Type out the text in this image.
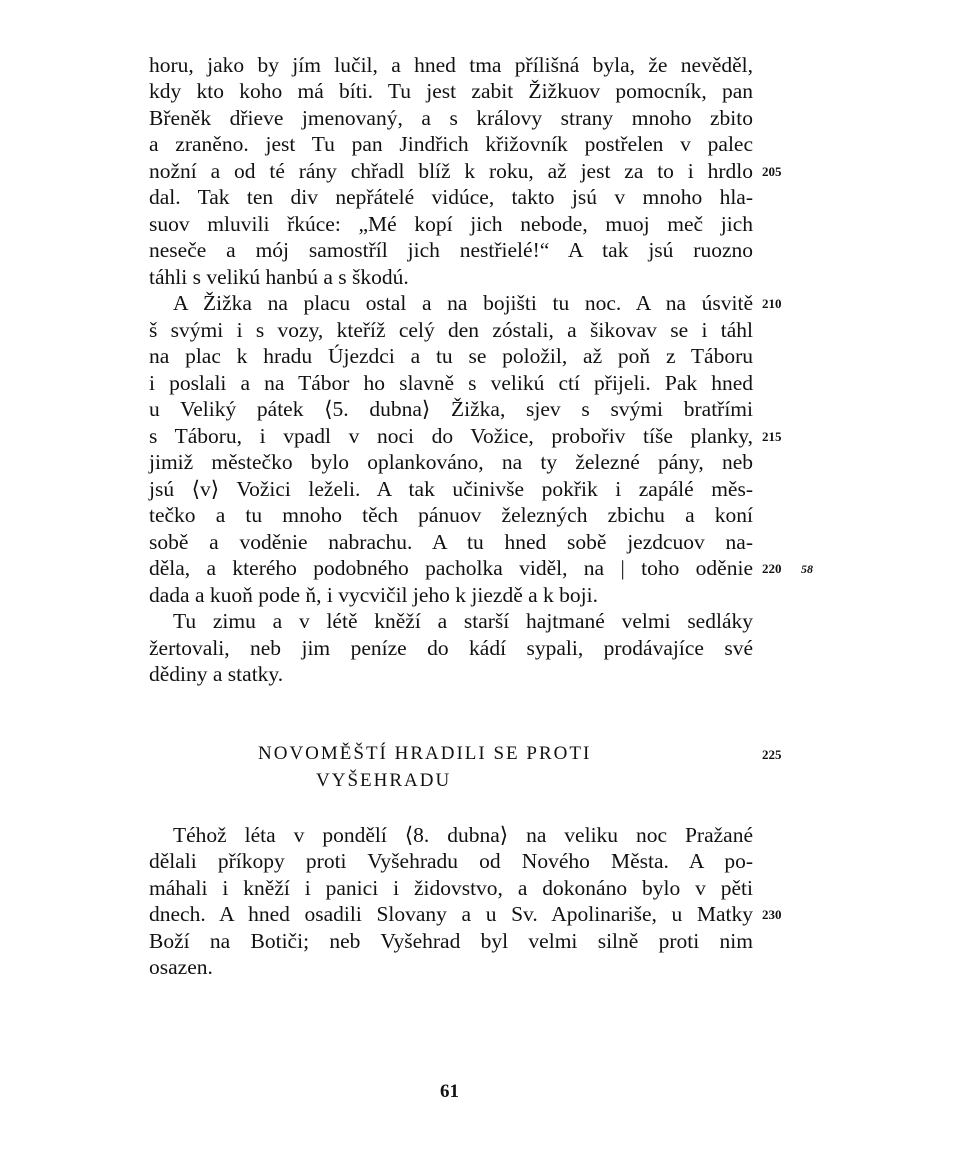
horu, jako by jím lučil, a hned tma přílišná byla, že nevěděl,
kdy kto koho má bíti. Tu jest zabit Žižkuov pomocník, pan
Břeněk dřieve jmenovaný, a s královy strany mnoho zbito
a zraněno. jest Tu pan Jindřich křižovník postřelen v palec
nožní a od té rány chřadl blíž k roku, až jest za to i hrdlo
dal. Tak ten div nepřátelé vidúce, takto jsú v mnoho hla-
suov mluvili řkúce: „Mé kopí jich nebode, muoj meč jich
neseče a mój samostříl jich nestřielé!“ A tak jsú ruozno
táhli s velikú hanbú a s škodú.
A Žižka na placu ostal a na bojišti tu noc. A na úsvitě
š svými i s vozy, kteříž celý den zóstali, a šikovav se i táhl
na plac k hradu Újezdci a tu se položil, až poň z Táboru
i poslali a na Tábor ho slavně s velikú ctí přijeli. Pak hned
u Veliký pátek ⟨5. dubna⟩ Žižka, sjev s svými bratřími
s Táboru, i vpadl v noci do Vožice, probořiv tíše planky,
jimiž městečko bylo oplankováno, na ty železné pány, neb
jsú ⟨v⟩ Vožici leželi. A tak učinivše pokřik i zapálé měs-
tečko a tu mnoho těch pánuov železných zbichu a koní
sobě a voděnie nabrachu. A tu hned sobě jezdcuov na-
děla, a kterého podobného pacholka viděl, na | toho oděnie
dada a kuoň pode ň, i vycvičil jeho k jiezdě a k boji.
Tu zimu a v létě kněží a starší hajtmané velmi sedláky
žertovali, neb jim peníze do kádí sypali, prodávajíce své
dědiny a statky.
205
210
215
220 58
NOVOMĚŠTÍ HRADILI SE PROTI
VYŠEHRADU
225
Téhož léta v pondělí ⟨8. dubna⟩ na veliku noc Pražané
dělali příkopy proti Vyšehradu od Nového Města. A po-
máhali i kněží i panici i židovstvo, a dokonáno bylo v pěti
dnech. A hned osadili Slovany a u Sv. Apolinariše, u Matky
Boží na Botiči; neb Vyšehrad byl velmi silně proti nim
osazen.
230
61
